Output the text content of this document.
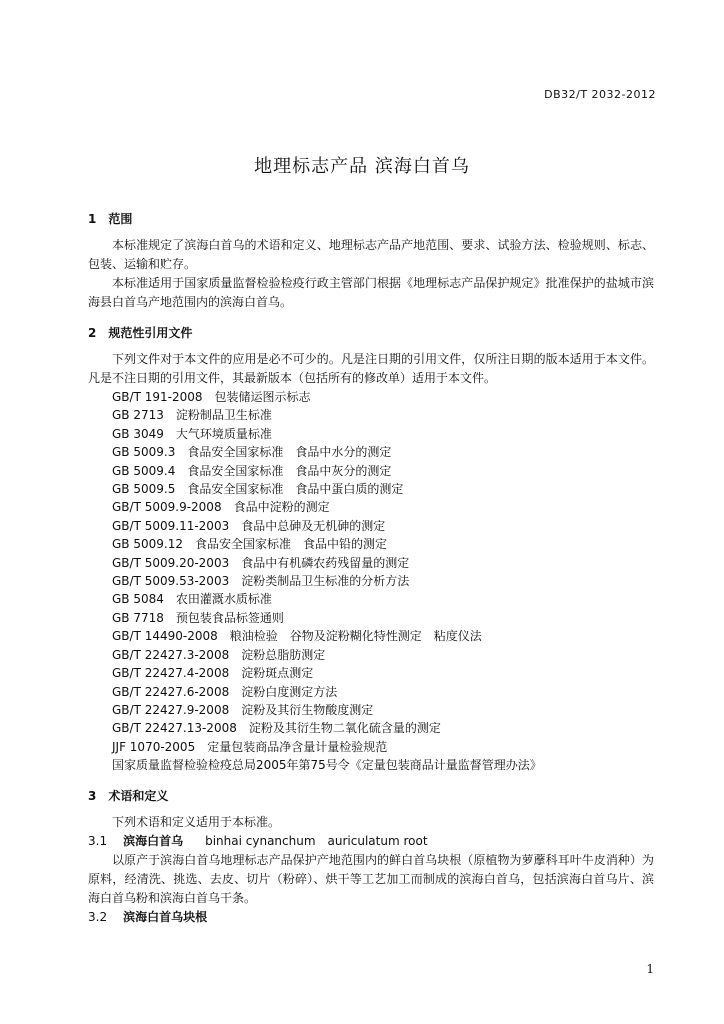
DB32/T 2032-2012
地理标志产品 滨海白首乌
1　范围

本标准规定了滨海白首乌的术语和定义、地理标志产品产地范围、要求、试验方法、检验规则、标志、包装、运输和贮存。

本标准适用于国家质量监督检验检疫行政主管部门根据《地理标志产品保护规定》批准保护的盐城市滨海县白首乌产地范围内的滨海白首乌。

2　规范性引用文件

下列文件对于本文件的应用是必不可少的。凡是注日期的引用文件，仅所注日期的版本适用于本文件。凡是不注日期的引用文件，其最新版本（包括所有的修改单）适用于本文件。

GB/T 191-2008　包装储运图示标志

GB 2713　淀粉制品卫生标准

GB 3049　大气环境质量标准

GB 5009.3　食品安全国家标准　食品中水分的测定

GB 5009.4　食品安全国家标准　食品中灰分的测定

GB 5009.5　食品安全国家标准　食品中蛋白质的测定

GB/T 5009.9-2008　食品中淀粉的测定

GB/T 5009.11-2003　食品中总砷及无机砷的测定

GB 5009.12　食品安全国家标准　食品中铅的测定

GB/T 5009.20-2003　食品中有机磷农药残留量的测定

GB/T 5009.53-2003　淀粉类制品卫生标准的分析方法

GB 5084　农田灌溉水质标准

GB 7718　预包装食品标签通则

GB/T 14490-2008　粮油检验　谷物及淀粉糊化特性测定　粘度仪法

GB/T 22427.3-2008　淀粉总脂肪测定

GB/T 22427.4-2008　淀粉斑点测定

GB/T 22427.6-2008　淀粉白度测定方法

GB/T 22427.9-2008　淀粉及其衍生物酸度测定

GB/T 22427.13-2008　淀粉及其衍生物二氧化硫含量的测定

JJF 1070-2005　定量包装商品净含量计量检验规范

国家质量监督检验检疫总局2005年第75号令《定量包装商品计量监督管理办法》

3　术语和定义

下列术语和定义适用于本标准。

3.1 滨海白首乌 binhai cynanchum　auriculatum root

以原产于滨海白首乌地理标志产品保护产地范围内的鲜白首乌块根（原植物为萝藦科耳叶牛皮消种）为原料，经清洗、挑选、去皮、切片（粉碎）、烘干等工艺加工而制成的滨海白首乌，包括滨海白首乌片、滨海白首乌粉和滨海白首乌干条。

3.2 滨海白首乌块根

1
